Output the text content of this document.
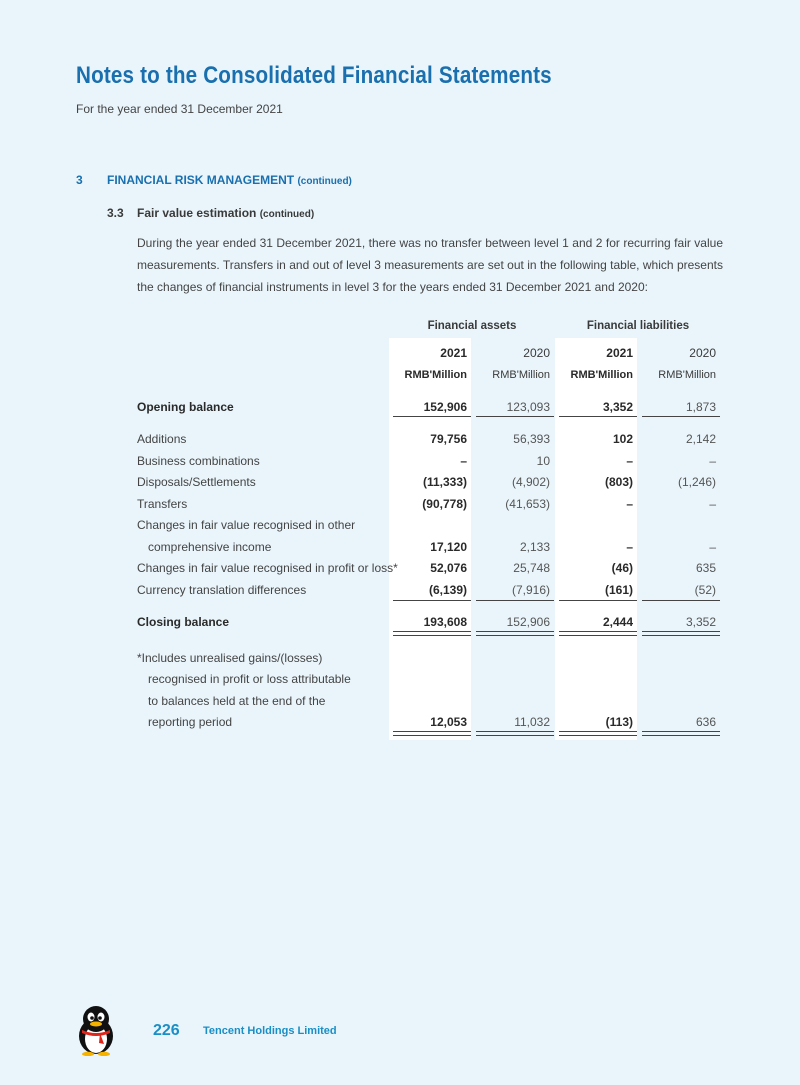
Notes to the Consolidated Financial Statements
For the year ended 31 December 2021
3 FINANCIAL RISK MANAGEMENT (continued)
3.3 Fair value estimation (continued)
During the year ended 31 December 2021, there was no transfer between level 1 and 2 for recurring fair value measurements. Transfers in and out of level 3 measurements are set out in the following table, which presents the changes of financial instruments in level 3 for the years ended 31 December 2021 and 2020:
Financial assets	Financial liabilities
2021	2020	2021	2020
RMB'Million	RMB'Million	RMB'Million	RMB'Million
Opening balance	152,906	123,093	3,352	1,873
Additions	79,756	56,393	102	2,142
Business combinations	–	10	–	–
Disposals/Settlements	(11,333)	(4,902)	(803)	(1,246)
Transfers	(90,778)	(41,653)	–	–
Changes in fair value recognised in other
comprehensive income	17,120	2,133	–	–
Changes in fair value recognised in profit or loss*	52,076	25,748	(46)	635
Currency translation differences	(6,139)	(7,916)	(161)	(52)
Closing balance	193,608	152,906	2,444	3,352
*Includes unrealised gains/(losses)
recognised in profit or loss attributable
to balances held at the end of the
reporting period	12,053	11,032	(113)	636
226 Tencent Holdings Limited
